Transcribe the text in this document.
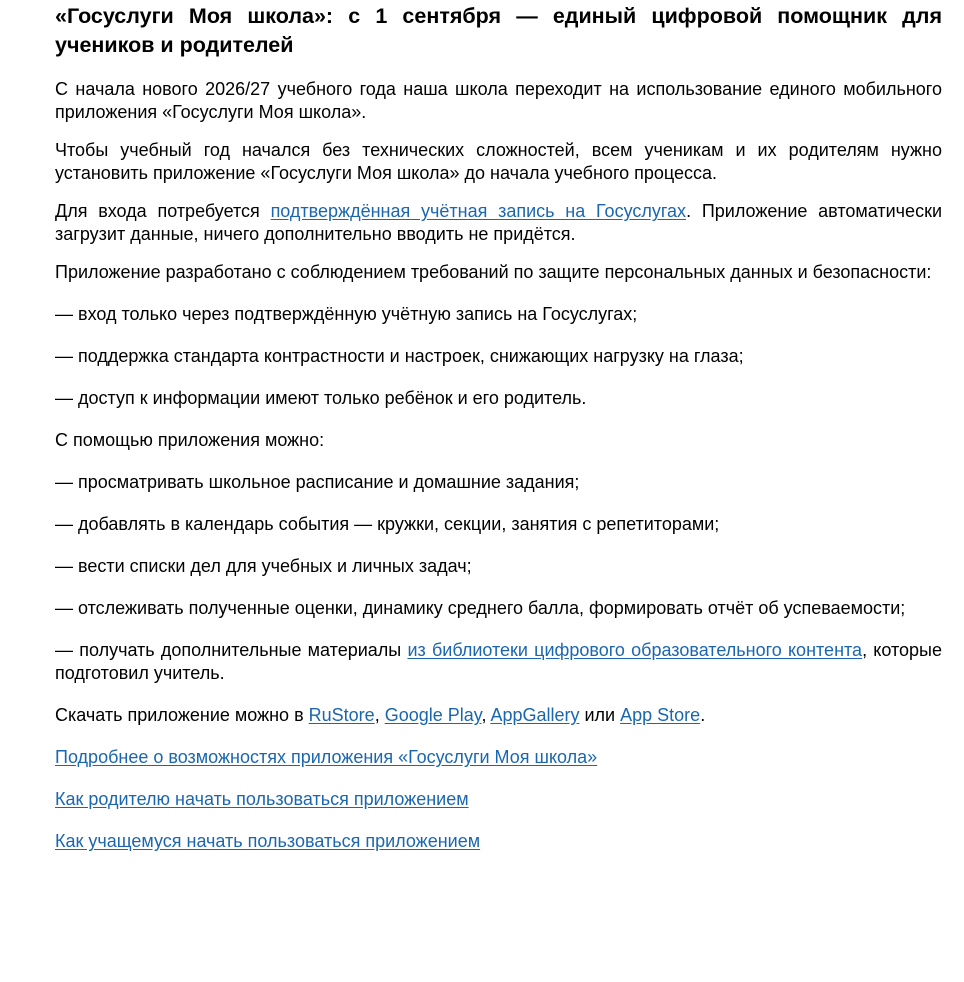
«Госуслуги Моя школа»: с 1 сентября — единый цифровой помощник для учеников и родителей

С начала нового 2026/27 учебного года наша школа переходит на использование единого мобильного приложения «Госуслуги Моя школа».

Чтобы учебный год начался без технических сложностей, всем ученикам и их родителям нужно установить приложение «Госуслуги Моя школа» до начала учебного процесса.

Для входа потребуется подтверждённая учётная запись на Госуслугах. Приложение автоматически загрузит данные, ничего дополнительно вводить не придётся.

Приложение разработано с соблюдением требований по защите персональных данных и безопасности:

— вход только через подтверждённую учётную запись на Госуслугах;

— поддержка стандарта контрастности и настроек, снижающих нагрузку на глаза;

— доступ к информации имеют только ребёнок и его родитель.

С помощью приложения можно:

— просматривать школьное расписание и домашние задания;

— добавлять в календарь события — кружки, секции, занятия с репетиторами;

— вести списки дел для учебных и личных задач;

— отслеживать полученные оценки, динамику среднего балла, формировать отчёт об успеваемости;

— получать дополнительные материалы из библиотеки цифрового образовательного контента, которые подготовил учитель.

Скачать приложение можно в RuStore, Google Play, AppGallery или App Store.

Подробнее о возможностях приложения «Госуслуги Моя школа»

Как родителю начать пользоваться приложением

Как учащемуся начать пользоваться приложением
